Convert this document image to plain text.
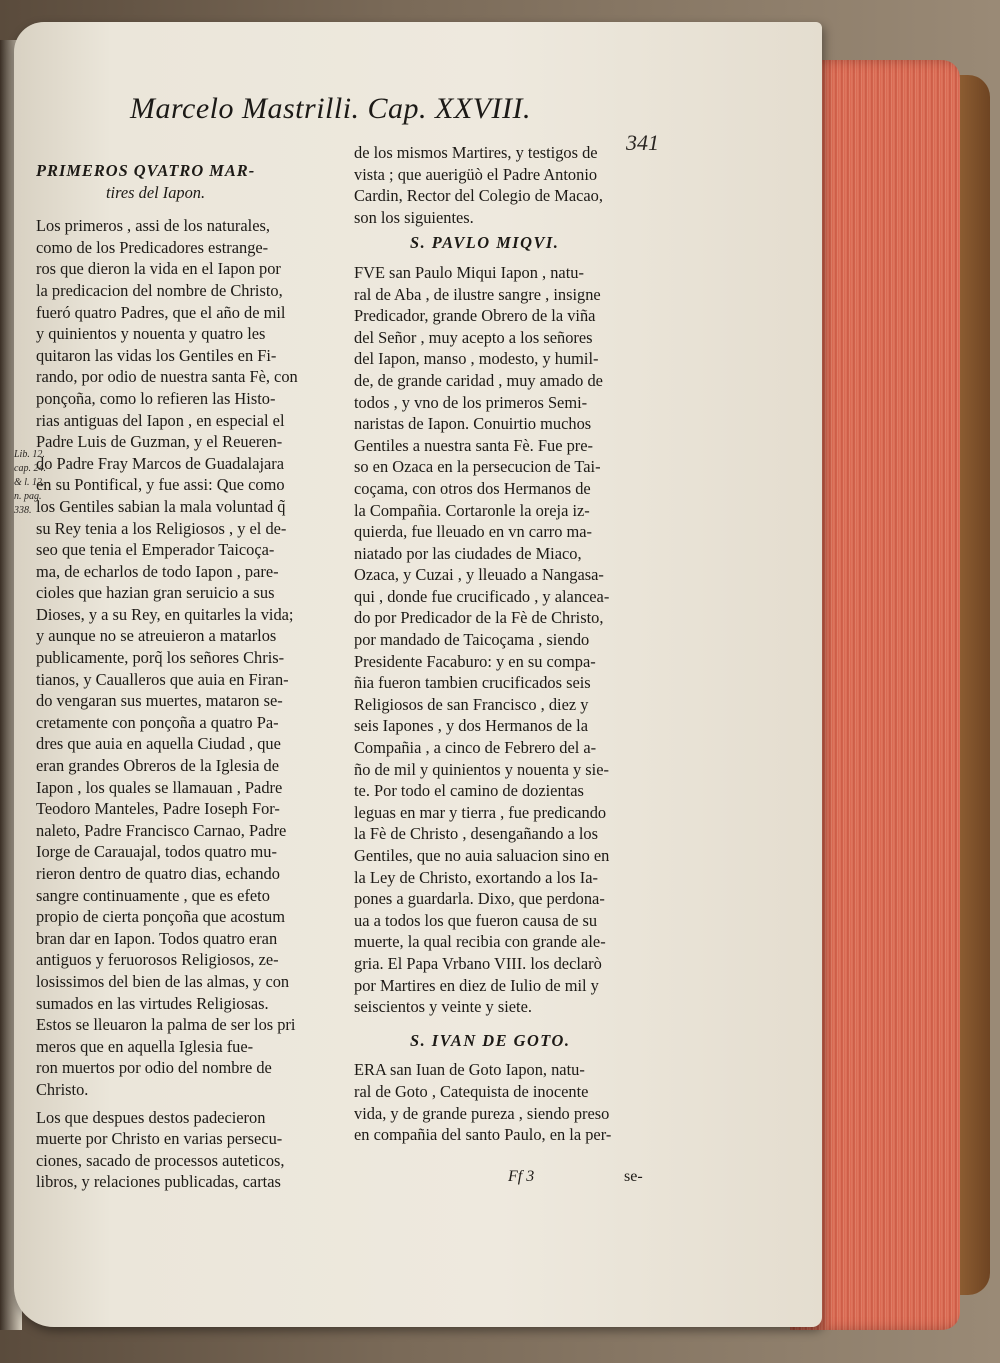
Marcelo Mastrilli. Cap. XXVIII.
341
Lib. 12.
cap. 24.
& l. 12.
n. pag.
338.
PRIMEROS QVATRO MAR-
tires del Iapon.
Los primeros , assi de los naturales,
como de los Predicadores estrange-
ros que dieron la vida en el Iapon por
la predicacion del nombre de Christo,
fueró quatro Padres, que el año de mil
y quinientos y nouenta y quatro les
quitaron las vidas los Gentiles en Fi-
rando, por odio de nuestra santa Fè, con
ponçoña, como lo refieren las Histo-
rias antiguas del Iapon , en especial el
Padre Luis de Guzman, y el Reueren-
do Padre Fray Marcos de Guadalajara
en su Pontifical, y fue assi: Que como
los Gentiles sabian la mala voluntad q̃
su Rey tenia a los Religiosos , y el de-
seo que tenia el Emperador Taicoça-
ma, de echarlos de todo Iapon , pare-
cioles que hazian gran seruicio a sus
Dioses, y a su Rey, en quitarles la vida;
y aunque no se atreuieron a matarlos
publicamente, porq̃ los señores Chris-
tianos, y Caualleros que auia en Firan-
do vengaran sus muertes, mataron se-
cretamente con ponçoña a quatro Pa-
dres que auia en aquella Ciudad , que
eran grandes Obreros de la Iglesia de
Iapon , los quales se llamauan , Padre
Teodoro Manteles, Padre Ioseph For-
naleto, Padre Francisco Carnao, Padre
Iorge de Carauajal, todos quatro mu-
rieron dentro de quatro dias, echando
sangre continuamente , que es efeto
propio de cierta ponçoña que acostum
bran dar en Iapon. Todos quatro eran
antiguos y feruorosos Religiosos, ze-
losissimos del bien de las almas, y con
sumados en las virtudes Religiosas.
Estos se lleuaron la palma de ser los pri
meros que en aquella Iglesia fue-
ron muertos por odio del nombre de
Christo.
Los que despues destos padecieron
muerte por Christo en varias persecu-
ciones, sacado de processos auteticos,
libros, y relaciones publicadas, cartas
de los mismos Martires, y testigos de
vista ; que auerigüò el Padre Antonio
Cardin, Rector del Colegio de Macao,
son los siguientes.
S. PAVLO MIQVI.
FVE san Paulo Miqui Iapon , natu-
ral de Aba , de ilustre sangre , insigne
Predicador, grande Obrero de la viña
del Señor , muy acepto a los señores
del Iapon, manso , modesto, y humil-
de, de grande caridad , muy amado de
todos , y vno de los primeros Semi-
naristas de Iapon. Conuirtio muchos
Gentiles a nuestra santa Fè. Fue pre-
so en Ozaca en la persecucion de Tai-
coçama, con otros dos Hermanos de
la Compañia. Cortaronle la oreja iz-
quierda, fue lleuado en vn carro ma-
niatado por las ciudades de Miaco,
Ozaca, y Cuzai , y lleuado a Nangasa-
qui , donde fue crucificado , y alancea-
do por Predicador de la Fè de Christo,
por mandado de Taicoçama , siendo
Presidente Facaburo: y en su compa-
ñia fueron tambien crucificados seis
Religiosos de san Francisco , diez y
seis Iapones , y dos Hermanos de la
Compañia , a cinco de Febrero del a-
ño de mil y quinientos y nouenta y sie-
te. Por todo el camino de dozientas
leguas en mar y tierra , fue predicando
la Fè de Christo , desengañando a los
Gentiles, que no auia saluacion sino en
la Ley de Christo, exortando a los Ia-
pones a guardarla. Dixo, que perdona-
ua a todos los que fueron causa de su
muerte, la qual recibia con grande ale-
gria. El Papa Vrbano VIII. los declarò
por Martires en diez de Iulio de mil y
seiscientos y veinte y siete.
S. IVAN DE GOTO.
ERA san Iuan de Goto Iapon, natu-
ral de Goto , Catequista de inocente
vida, y de grande pureza , siendo preso
en compañia del santo Paulo, en la per-
Ff 3	se-
